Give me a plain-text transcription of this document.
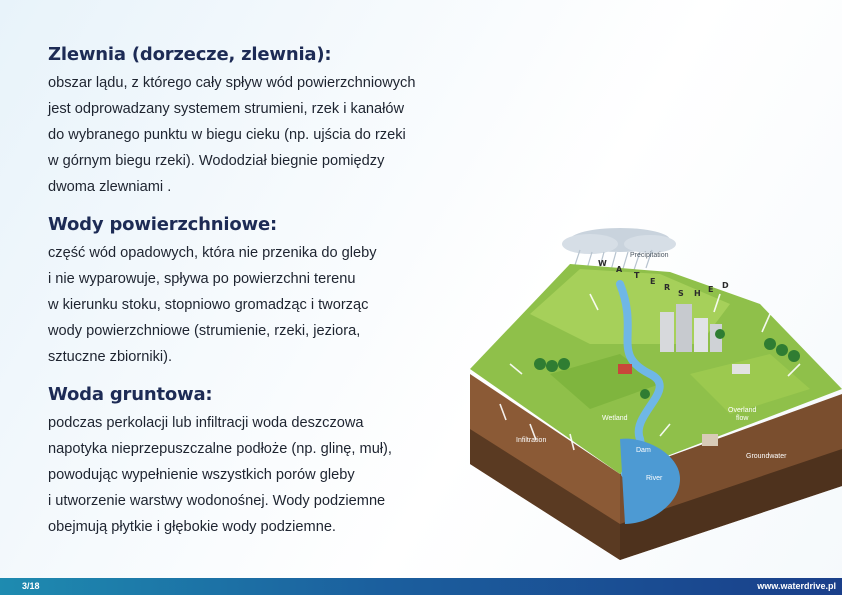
Zlewnia (dorzecze, zlewnia):
obszar lądu, z którego cały spływ wód powierzchniowych
jest odprowadzany systemem strumieni, rzek i kanałów
do wybranego punktu w biegu cieku (np. ujścia do rzeki
w górnym biegu rzeki). Wododział biegnie pomiędzy
dwoma zlewniami .
Wody powierzchniowe:
część wód opadowych, która nie przenika do gleby
i nie wyparowuje, spływa po powierzchni terenu
w kierunku stoku, stopniowo gromadząc i tworząc
wody powierzchniowe (strumienie, rzeki, jeziora,
sztuczne zbiorniki).
Woda gruntowa:
podczas perkolacji lub infiltracji woda deszczowa
napotyka nieprzepuszczalne podłoże (np. glinę, muł),
powodując wypełnienie wszystkich porów gleby
i utworzenie warstwy wodonośnej. Wody podziemne
obejmują płytkie i głębokie wody podziemne.
W
A
T
E
R
S H E D
Precipitation
Wetland
Overland
flow
Infiltration
Dam
River
Groundwater
3/18	www.waterdrive.pl
